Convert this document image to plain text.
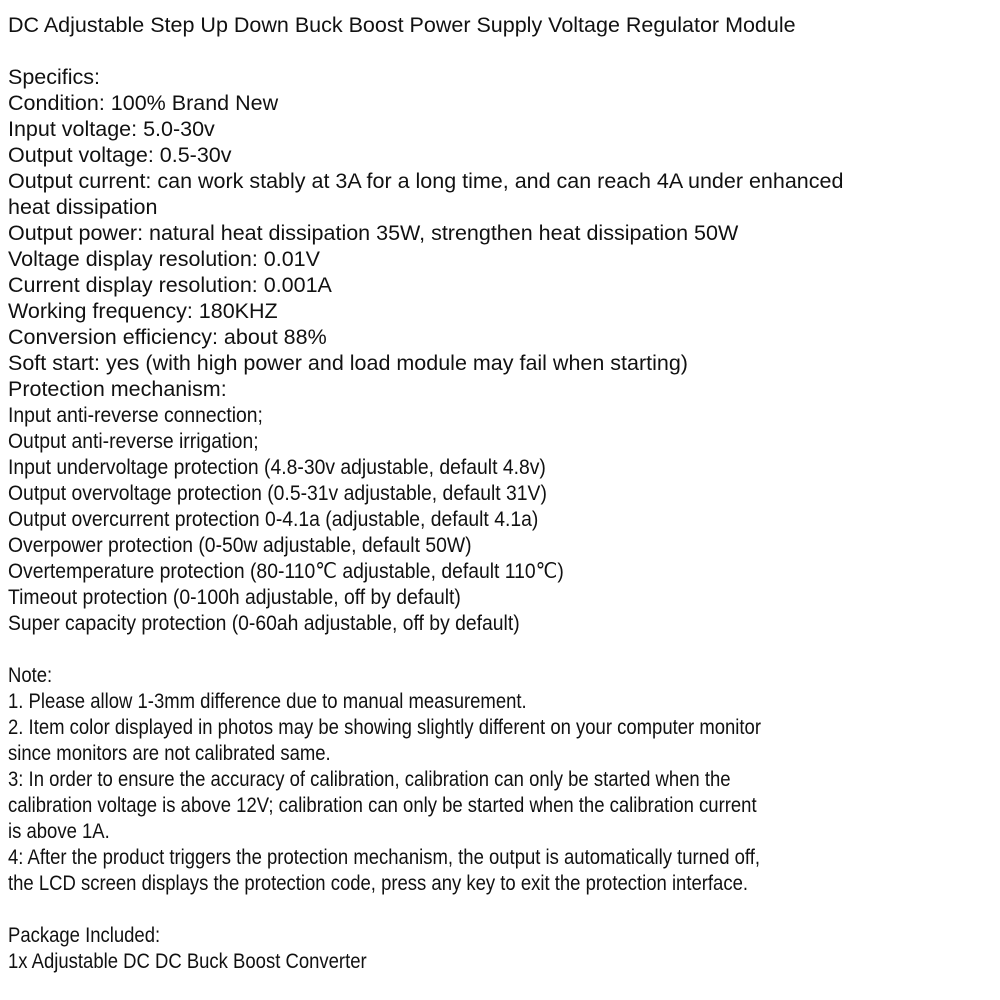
DC Adjustable Step Up Down Buck Boost Power Supply Voltage Regulator Module
Specifics:
Condition: 100% Brand New
Input voltage: 5.0-30v
Output voltage: 0.5-30v
Output current: can work stably at 3A for a long time, and can reach 4A under enhanced
heat dissipation
Output power: natural heat dissipation 35W, strengthen heat dissipation 50W
Voltage display resolution: 0.01V
Current display resolution: 0.001A
Working frequency: 180KHZ
Conversion efficiency: about 88%
Soft start: yes (with high power and load module may fail when starting)
Protection mechanism:
Input anti-reverse connection;
Output anti-reverse irrigation;
Input undervoltage protection (4.8-30v adjustable, default 4.8v)
Output overvoltage protection (0.5-31v adjustable, default 31V)
Output overcurrent protection 0-4.1a (adjustable, default 4.1a)
Overpower protection (0-50w adjustable, default 50W)
Overtemperature protection (80-110℃ adjustable, default 110℃)
Timeout protection (0-100h adjustable, off by default)
Super capacity protection (0-60ah adjustable, off by default)
Note:
1. Please allow 1-3mm difference due to manual measurement.
2. Item color displayed in photos may be showing slightly different on your computer monitor
since monitors are not calibrated same.
3: In order to ensure the accuracy of calibration, calibration can only be started when the
calibration voltage is above 12V; calibration can only be started when the calibration current
is above 1A.
4: After the product triggers the protection mechanism, the output is automatically turned off,
the LCD screen displays the protection code, press any key to exit the protection interface.
Package Included:
1x Adjustable DC DC Buck Boost Converter
